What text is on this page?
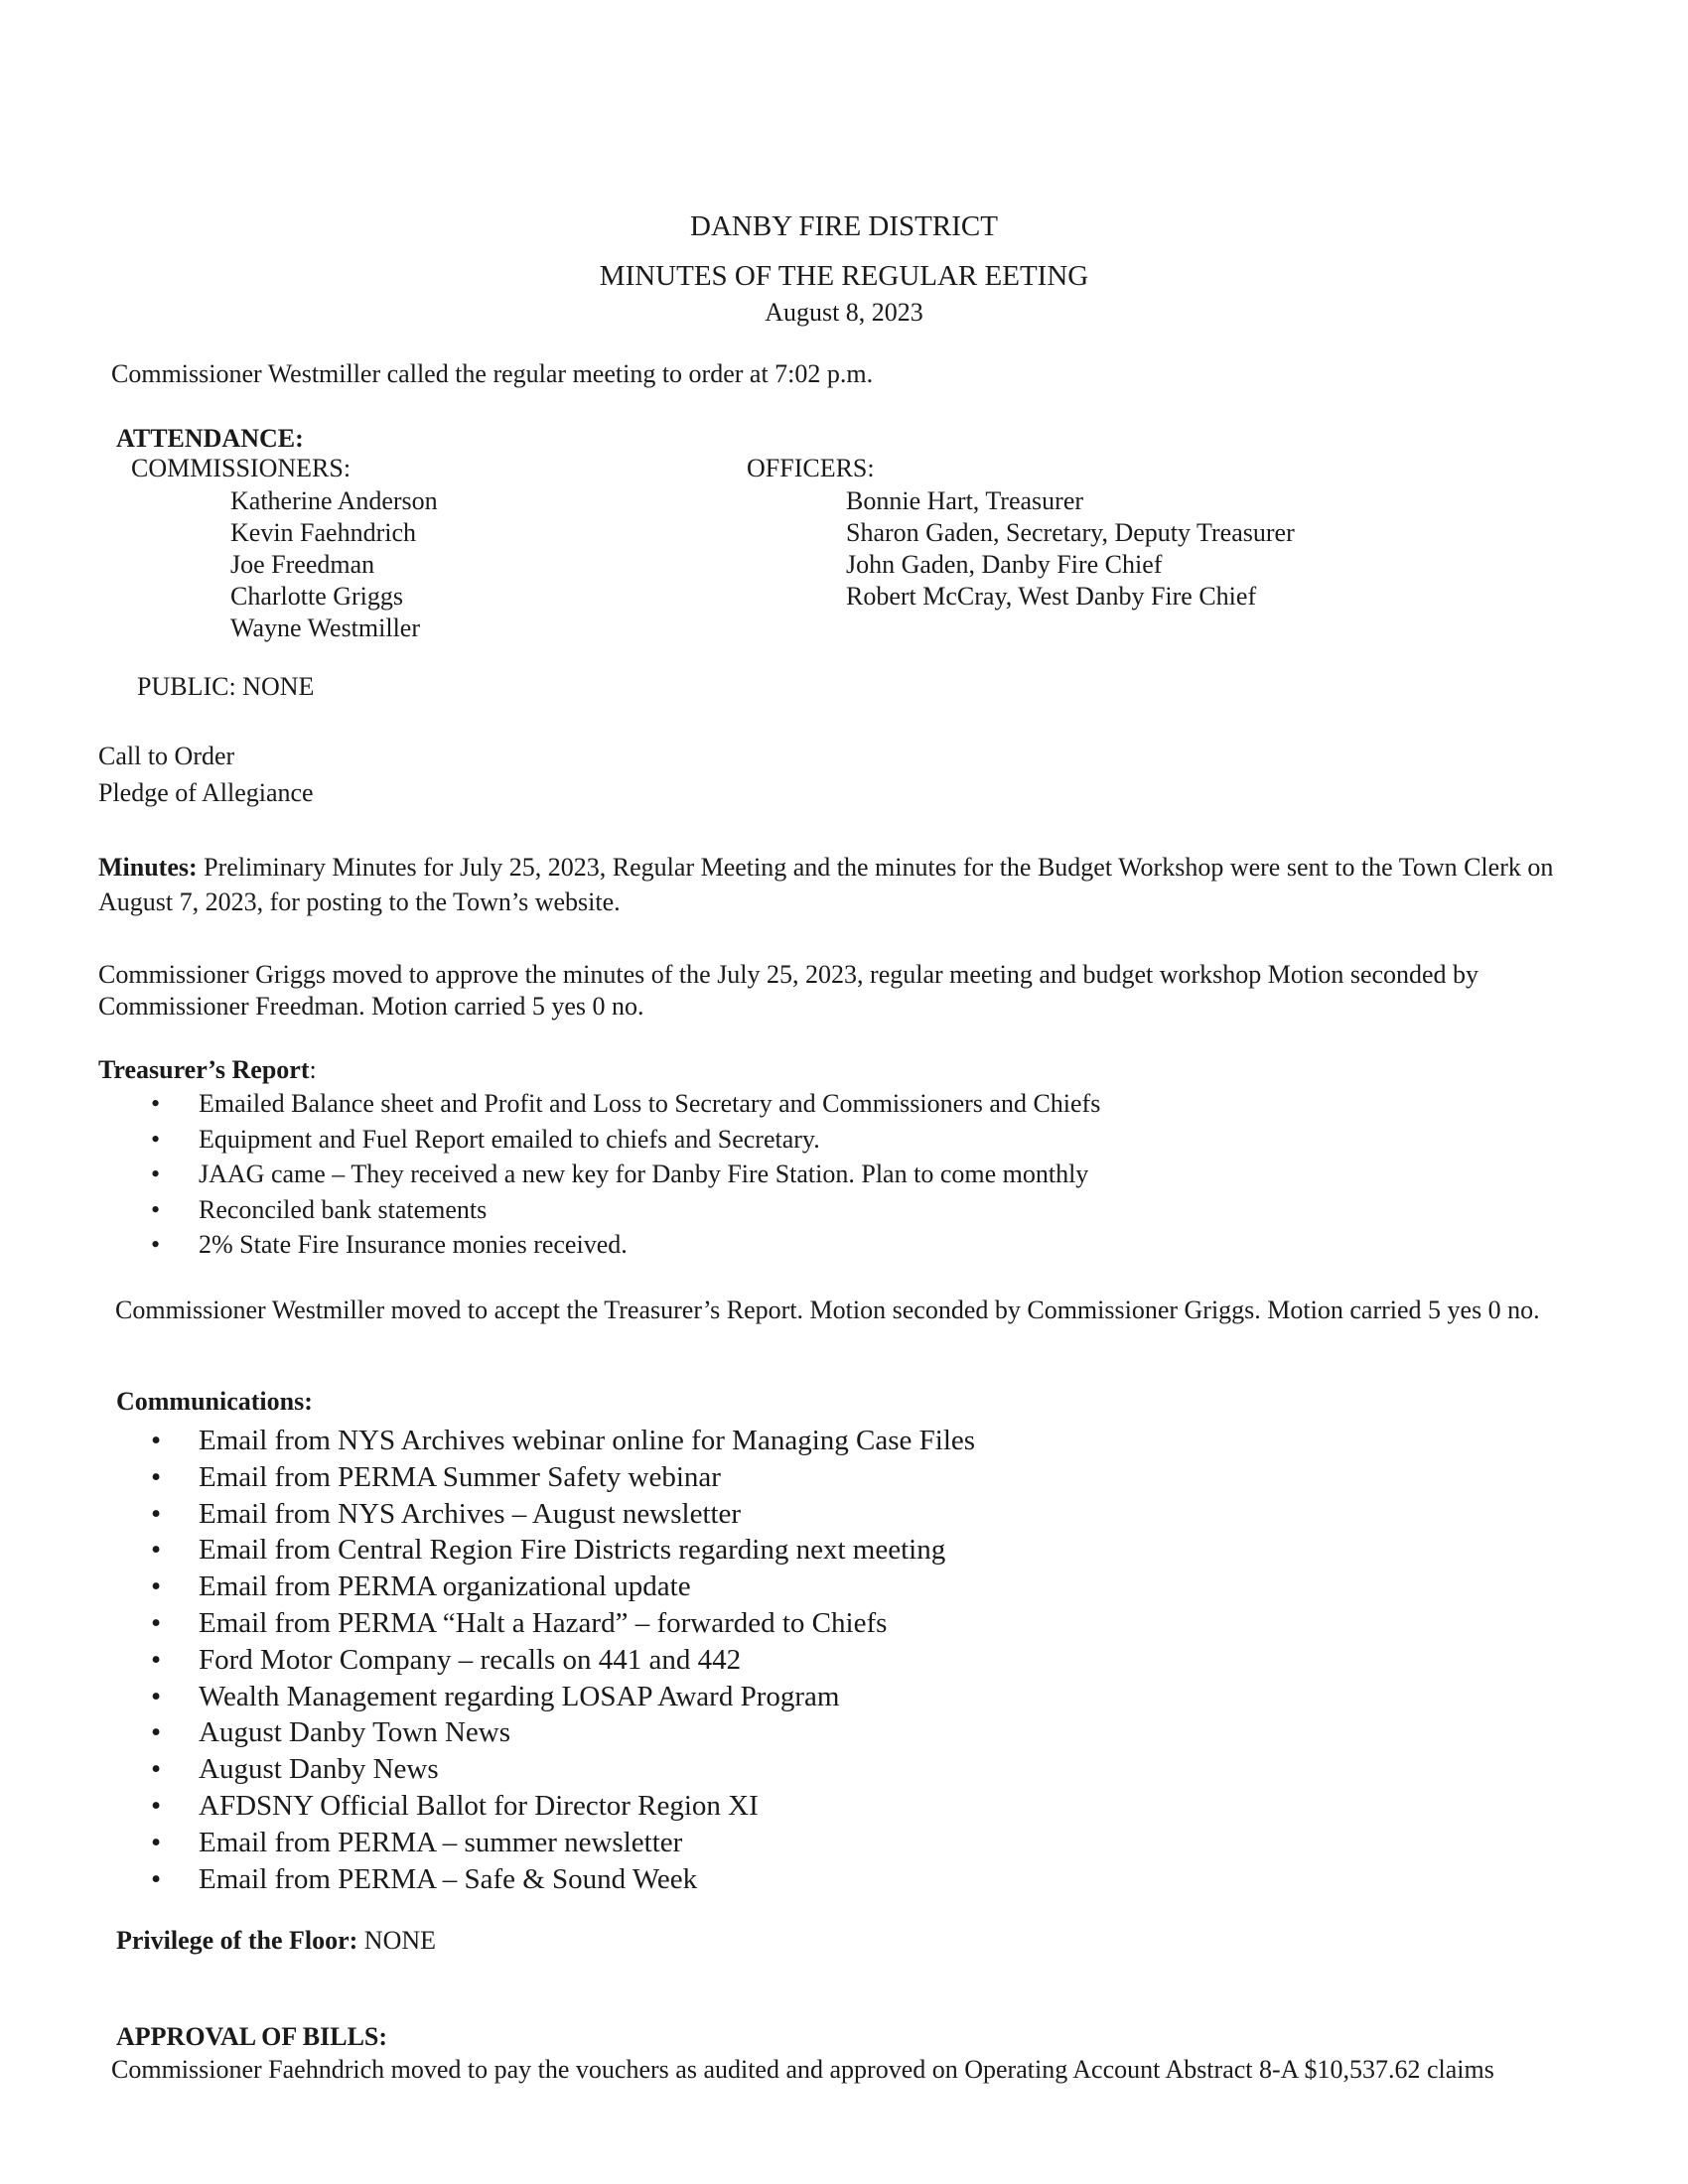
DANBY FIRE DISTRICT
MINUTES OF THE REGULAR EETING
August 8, 2023
Commissioner Westmiller called the regular meeting to order at 7:02 p.m.
ATTENDANCE:
COMMISSIONERS:	OFFICERS:
Katherine Anderson
Kevin Faehndrich
Joe Freedman
Charlotte Griggs
Wayne Westmiller
Bonnie Hart, Treasurer
Sharon Gaden, Secretary, Deputy Treasurer
John Gaden, Danby Fire Chief
Robert McCray, West Danby Fire Chief
PUBLIC: NONE
Call to Order
Pledge of Allegiance
Minutes: Preliminary Minutes for July 25, 2023, Regular Meeting and the minutes for the Budget Workshop were sent to the Town Clerk on August 7, 2023, for posting to the Town’s website.
Commissioner Griggs moved to approve the minutes of the July 25, 2023, regular meeting and budget workshop Motion seconded by Commissioner Freedman. Motion carried 5 yes 0 no.
Treasurer’s Report:
• Emailed Balance sheet and Profit and Loss to Secretary and Commissioners and Chiefs
• Equipment and Fuel Report emailed to chiefs and Secretary.
• JAAG came – They received a new key for Danby Fire Station. Plan to come monthly
• Reconciled bank statements
• 2% State Fire Insurance monies received.
Commissioner Westmiller moved to accept the Treasurer’s Report. Motion seconded by Commissioner Griggs. Motion carried 5 yes 0 no.
Communications:
• Email from NYS Archives webinar online for Managing Case Files
• Email from PERMA Summer Safety webinar
• Email from NYS Archives – August newsletter
• Email from Central Region Fire Districts regarding next meeting
• Email from PERMA organizational update
• Email from PERMA “Halt a Hazard” – forwarded to Chiefs
• Ford Motor Company – recalls on 441 and 442
• Wealth Management regarding LOSAP Award Program
• August Danby Town News
• August Danby News
• AFDSNY Official Ballot for Director Region XI
• Email from PERMA – summer newsletter
• Email from PERMA – Safe & Sound Week
Privilege of the Floor: NONE
APPROVAL OF BILLS:
Commissioner Faehndrich moved to pay the vouchers as audited and approved on Operating Account Abstract 8-A $10,537.62 claims
